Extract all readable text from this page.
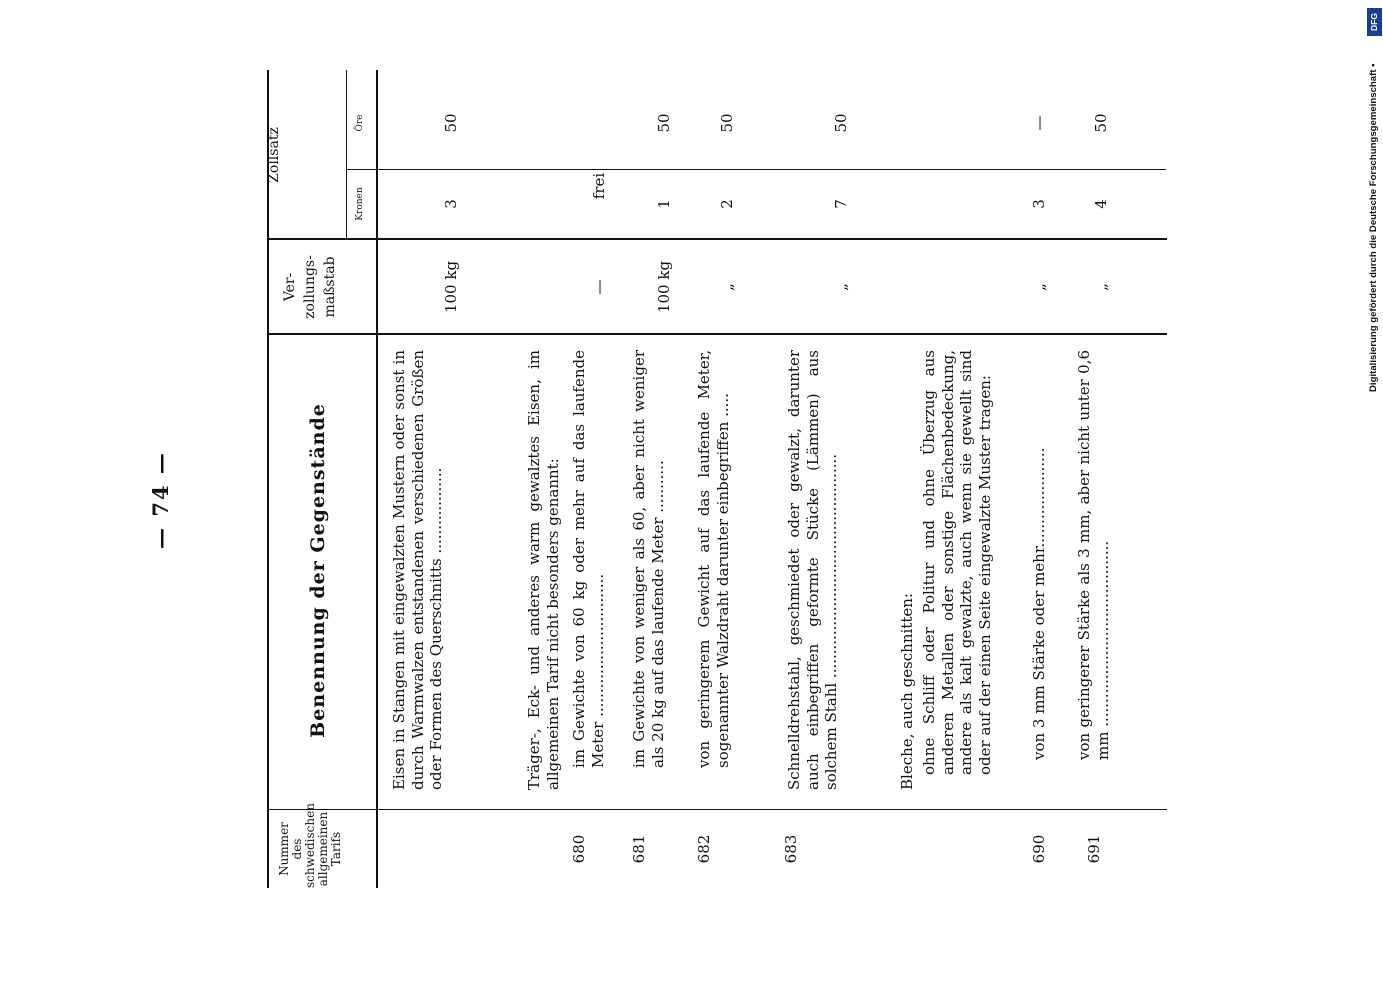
— 74 —
Nummer des schwedischen allgemeinen Tarifs
Benennung der Gegenstände
Ver- zollungs- maßstab
Zollsatz
Kronen
Öre
Eisen in Stangen mit eingewalzten Mustern oder sonst in durch Warmwalzen entstandenen verschiedenen Größen oder Formen des Querschnitts ..................
100 kg
3
50
Träger-, Eck- und anderes warm gewalztes Eisen, im allgemeinen Tarif nicht besonders genannt:
680
im Gewichte von 60 kg oder mehr auf das laufende Meter ..............................
—
frei
681
im Gewichte von weniger als 60, aber nicht weniger als 20 kg auf das laufende Meter ...........
100 kg
1
50
682
von geringerem Gewicht auf das laufende Meter, sogenannter Walzdraht darunter einbegriffen .....
„
2
50
683
Schnelldrehstahl, geschmiedet oder gewalzt, darunter auch einbegriffen geformte Stücke (Lämmen) aus solchem Stahl ...............................................
„
7
50
Bleche, auch geschnitten: ohne Schliff oder Politur und ohne Überzug aus anderen Metallen oder sonstige Flächenbedeckung, andere als kalt gewalzte, auch wenn sie gewellt sind oder auf der einen Seite eingewalzte Muster tragen:
690
von 3 mm Stärke oder mehr.....................
„
3
—
691
von geringerer Stärke als 3 mm, aber nicht unter 0,6 mm .......................................
„
4
50
DFG
Digitalisierung gefördert durch die Deutsche Forschungsgemeinschaft •
